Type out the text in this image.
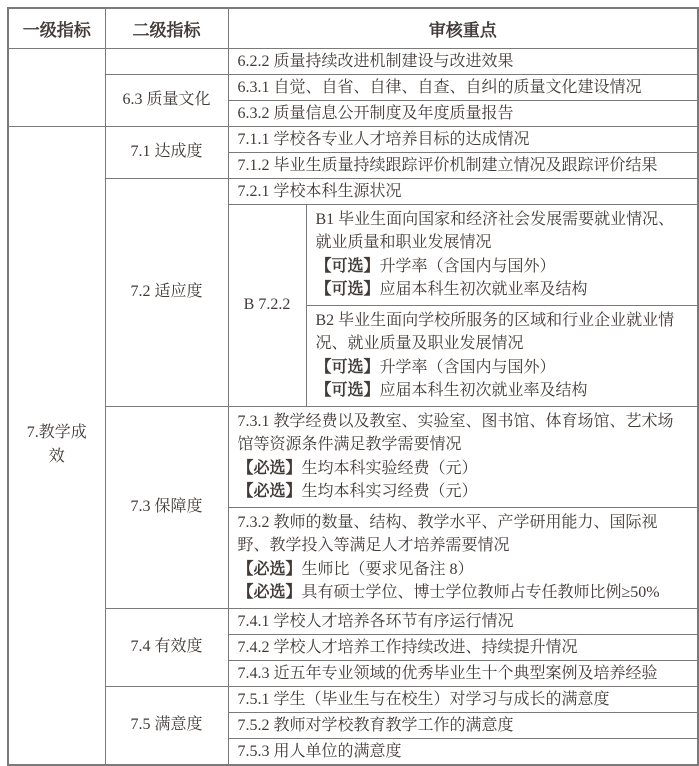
一级指标	二级指标	审核重点	
		6.2.2 质量持续改进机制建设与改进效果	
	6.3 质量文化	6.3.1 自觉、自省、自律、自查、自纠的质量文化建设情况	
		6.3.2 质量信息公开制度及年度质量报告	
7.教学成效	7.1 达成度	7.1.1 学校各专业人才培养目标的达成情况	
		7.1.2 毕业生质量持续跟踪评价机制建立情况及跟踪评价结果	
	7.2 适应度	7.2.1 学校本科生源状况	
		B 7.2.2	B1 毕业生面向国家和经济社会发展需要就业情况、就业质量和职业发展情况
【可选】升学率（含国内与国外）
【可选】应届本科生初次就业率及结构

			B2 毕业生面向学校所服务的区域和行业企业就业情况、就业质量及职业发展情况
【可选】升学率（含国内与国外）
【可选】应届本科生初次就业率及结构

	7.3 保障度	7.3.1 教学经费以及教室、实验室、图书馆、体育场馆、艺术场馆等资源条件满足教学需要情况
【必选】生均本科实验经费（元）
【必选】生均本科实习经费（元）	

		7.3.2 教师的数量、结构、教学水平、产学研用能力、国际视野、教学投入等满足人才培养需要情况
【必选】生师比（要求见备注 8）
【必选】具有硕士学位、博士学位教师占专任教师比例≥50%	

	7.4 有效度	7.4.1 学校人才培养各环节有序运行情况	
		7.4.2 学校人才培养工作持续改进、持续提升情况	
		7.4.3 近五年专业领域的优秀毕业生十个典型案例及培养经验	
	7.5 满意度	7.5.1 学生（毕业生与在校生）对学习与成长的满意度	
		7.5.2 教师对学校教育教学工作的满意度	
		7.5.3 用人单位的满意度	
